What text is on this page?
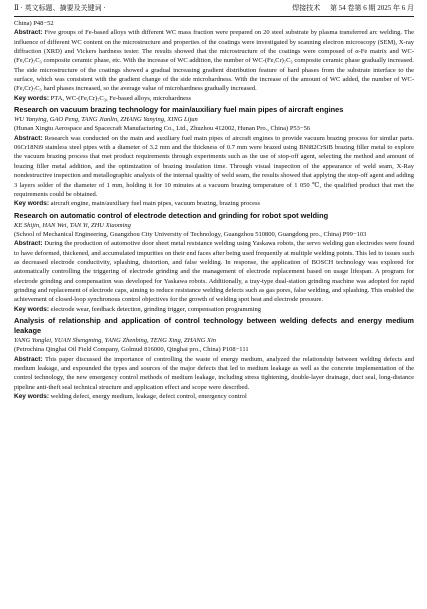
Ⅱ · 英文标题、摘要及关键词 ·	焊接技术 第 54 卷第 6 期 2025 年 6 月

China) P48−52

Abstract: Five groups of Fe-based alloys with different WC mass fraction were prepared on 20 steel substrate by plasma transferred arc welding. The influence of different WC content on the microstructure and properties of the coatings were investigated by scanning electron microscopy (SEM), X-ray diffraction (XRD) and Vickers hardness tester. The results showed that the microstructure of the coatings were composed of α-Fe matrix and WC-(Fe,Cr)₇C₃ composite ceramic phase, etc. With the increase of WC addition, the number of WC-(Fe,Cr)₇C₃ composite ceramic phase gradually increased. The side microstructure of the coatings showed a gradual increasing gradient distribution feature of hard phases from the substrate interface to the surface, which was consistent with the gradient change of the side microhardness. With the increase of the amount of WC added, the number of WC-(Fe,Cr)₇C₃ hard phases increased, so the average value of microhardness gradually increased.

Key words: PTA, WC-(Fe,Cr)₇C₃, Fe-based alloys, microhardness

Research on vacuum brazing technology for main/auxiliary fuel main pipes of aircraft engines

WU Yanying, GAO Peng, TANG Jianlin, ZHANG Yanying, XING Lijun

(Hunan Xingtu Aerospace and Spacecraft Manufacturing Co., Ltd., Zhuzhou 412002, Hunan Pro., China) P53−56

Abstract: Research was conducted on the main and auxiliary fuel main pipes of aircraft engines to provide vacuum brazing process for similar parts. 06Cr18Ni9 stainless steel pipes with a diameter of 3.2 mm and the thickness of 0.7 mm were brazed using BNi82CrSiB brazing filler metal to explore the vacuum brazing process that met product requirements through experiments such as the use of stop-off agent, selecting the method and amount of brazing filler metal addition, and the optimization of brazing insulation time. Through visual inspection of the appearance of weld seam, X-Ray nondestructive inspection and metallographic analysis of the internal quality of weld seam, the results showed that applying the stop-off agent and adding 3 layers solder of the diameter of 1 mm, holding it for 10 minutes at a vacuum brazing temperature of 1 050 ℃, the qualified product that met the requirements could be obtained.

Key words: aircraft engine, main/auxiliary fuel main pipes, vacuum brazing, brazing process

Research on automatic control of electrode detection and grinding for robot spot welding

KE Shijin, HAN Wei, TAN Yi, ZHU Xiaoming

(School of Mechanical Engineering, Guangzhou City University of Technology, Guangzhou 510800, Guangdong pro., China) P99−103

Abstract: During the production of automotive door sheet metal resistance welding using Yaskawa robots, the servo welding gun electrodes were found to have deformed, thickened, and accumulated impurities on their end faces after being used frequently at multiple welding points. This led to issues such as decreased electrode conductivity, splashing, distortion, and false welding. In response, the application of BOSCH technology was explored for automatically controlling the triggering of electrode grinding and the management of electrode replacement based on usage lifespan. A program for electrode grinding and compensation was developed for Yaskawa robots. Additionally, a tray-type dual-station grinding machine was adopted for rapid grinding and replacement of electrode caps, aiming to reduce resistance welding defects such as gas pores, false welding, and splashing. This enabled the achievement of closed-loop synchronous control objectives for the growth of welding spot heat and electrode pressure.

Key words: electrode wear, feedback detection, grinding trigger, compensation programming

Analysis of relationship and application of control technology between welding defects and energy medium leakage

YANG Yonglei, YUAN Shengming, YANG Zhenbing, TENG Xing, ZHANG Xin

(Petrochina Qinghai Oil Field Company, Golmud 816000, Qinghai pro., China) P108−111

Abstract: This paper discussed the importance of controlling the waste of energy medium, analyzed the relationship between welding defects and medium leakage, and expounded the types and sources of the major defects that led to medium leakage as well as the concrete implementation of the control technology, the new emergency control methods of medium leakage, including stress tightening, double-layer drainage, duct seal, long-distance pipeline anti-theft seal technical structure and application effect and scope were described.

Key words: welding defect, energy medium, leakage, defect control, emergency control
